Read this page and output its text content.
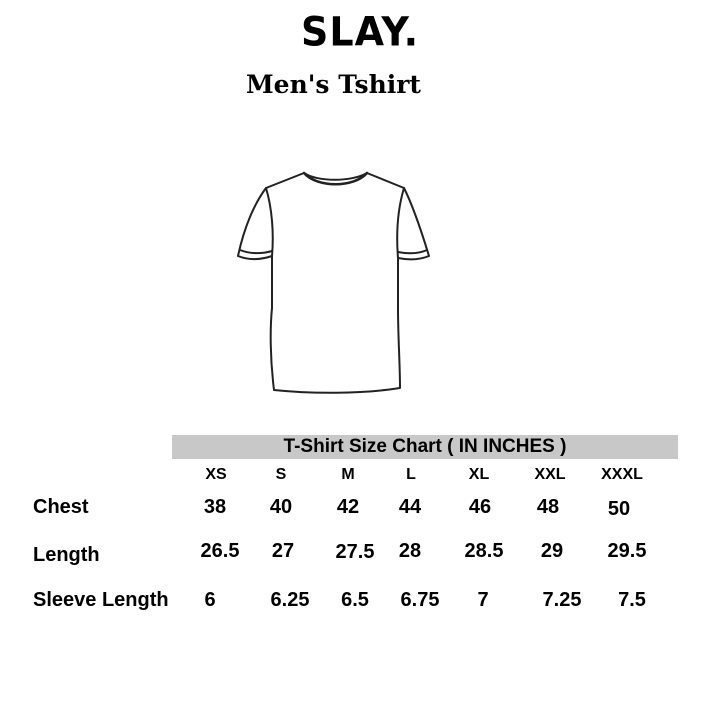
SLAY.
Men's Tshirt
T-Shirt Size Chart ( IN INCHES )
XS	S	M	L	XL	XXL XXXL
Chest	38 40 42 44 46 48 50
Length	26.5 27 27.5 28 28.5 29 29.5
Sleeve Length 6	6.25 6.5 6.75 7	7.25 7.5
